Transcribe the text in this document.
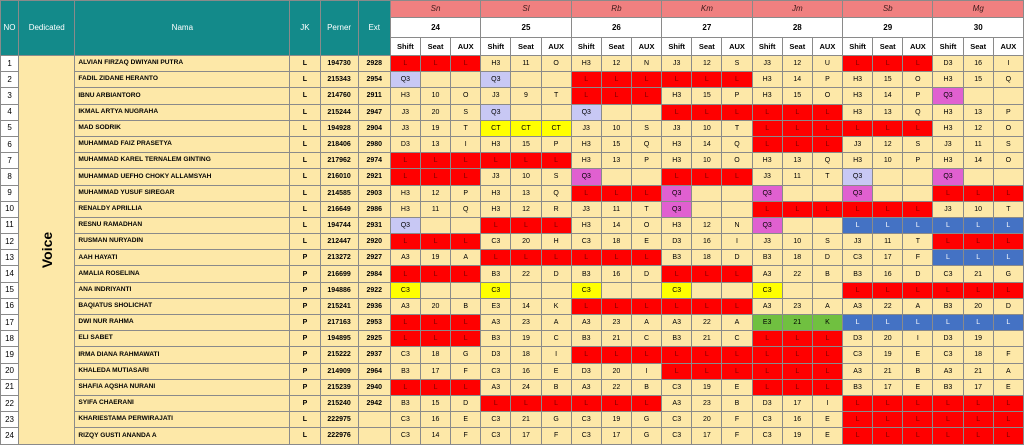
NO	Dedicated	Nama	JK	Perner	Ext	Sn			Sl			Rb			Km			Jm			Sb			Mg		
						24			25			26			27			28			29			30		
						Shift	Seat	AUX	Shift	Seat	AUX	Shift	Seat	AUX	Shift	Seat	AUX	Shift	Seat	AUX	Shift	Seat	AUX	Shift	Seat	AUX
1	Voice	ALVIAN FIRZAQ DWIYANI PUTRA	L	194730	2928	L	L	L	H3	11	O	H3	12	N	J3	12	S	J3	12	U	L	L	L	D3	16	I
2		FADIL ZIDANE HERANTO	L	215343	2954	Q3			Q3			L	L	L	L	L	L	H3	14	P	H3	15	O	H3	15	Q
3		IBNU ARBIANTORO	L	214760	2911	H3	10	O	J3	9	T	L	L	L	H3	15	P	H3	15	O	H3	14	P	Q3		
4		IKMAL ARTYA NUGRAHA	L	215244	2947	J3	20	S	Q3			Q3			L	L	L	L	L	L	H3	13	Q	H3	13	P
5		MAD SODRIK	L	194928	2904	J3	19	T	CT	CT	CT	J3	10	S	J3	10	T	L	L	L	L	L	L	H3	12	O
6		MUHAMMAD FAIZ PRASETYA	L	218406	2980	D3	13	I	H3	15	P	H3	15	Q	H3	14	Q	L	L	L	J3	12	S	J3	11	S
7		MUHAMMAD KAREL TERNALEM GINTING	L	217962	2974	L	L	L	L	L	L	H3	13	P	H3	10	O	H3	13	Q	H3	10	P	H3	14	O
8		MUHAMMAD UEFHO CHOKY ALLAMSYAH	L	216010	2921	L	L	L	J3	10	S	Q3			L	L	L	J3	11	T	Q3			Q3		
9		MUHAMMAD YUSUF SIREGAR	L	214585	2903	H3	12	P	H3	13	Q	L	L	L	Q3			Q3			Q3			L	L	L
10		RENALDY APRILLIA	L	216649	2986	H3	11	Q	H3	12	R	J3	11	T	Q3			L	L	L	L	L	L	J3	10	T
11		RESNU RAMADHAN	L	194744	2931	Q3			L	L	L	H3	14	O	H3	12	N	Q3			L	L	L	L	L	L
12		RUSMAN NURYADIN	L	212447	2920	L	L	L	C3	20	H	C3	18	E	D3	16	I	J3	10	S	J3	11	T	L	L	L
13		AAH HAYATI	P	213272	2927	A3	19	A	L	L	L	L	L	L	B3	18	D	B3	18	D	C3	17	F	L	L	L
14		AMALIA ROSELINA	P	216699	2984	L	L	L	B3	22	D	B3	16	D	L	L	L	A3	22	B	B3	16	D	C3	21	G
15		ANA INDRIYANTI	P	194886	2922	C3			C3			C3			C3			C3			L	L	L	L	L	L
16		BAQIATUS SHOLICHAT	P	215241	2936	A3	20	B	E3	14	K	L	L	L	L	L	L	A3	23	A	A3	22	A	B3	20	D
17		DWI NUR RAHMA	P	217163	2953	L	L	L	A3	23	A	A3	23	A	A3	22	A	E3	21	K	L	L	L	L	L	L
18		ELI SABET	P	194895	2925	L	L	L	B3	19	C	B3	21	C	B3	21	C	L	L	L	D3	20	I	D3	19	
19		IRMA DIANA RAHMAWATI	P	215222	2937	C3	18	G	D3	18	I	L	L	L	L	L	L	L	L	L	C3	19	E	C3	18	F
20		KHALEDA MUTIASARI	P	214909	2964	B3	17	F	C3	16	E	D3	20	I	L	L	L	L	L	L	A3	21	B	A3	21	A
21		SHAFIA AQSHA NURANI	P	215239	2940	L	L	L	A3	24	B	A3	22	B	C3	19	E	L	L	L	B3	17	E	B3	17	E
22		SYIFA CHAERANI	P	215240	2942	B3	15	D	L	L	L	L	L	L	A3	23	B	D3	17	I	L	L	L	L	L	L
23		KHARIESTAMA PERWIRAJATI	L	222975		C3	16	E	C3	21	G	C3	19	G	C3	20	F	C3	16	E	L	L	L	L	L	L
24		RIZQY GUSTI ANANDA A	L	222976		C3	14	F	C3	17	F	C3	17	G	C3	17	F	C3	19	E	L	L	L	L	L	L
